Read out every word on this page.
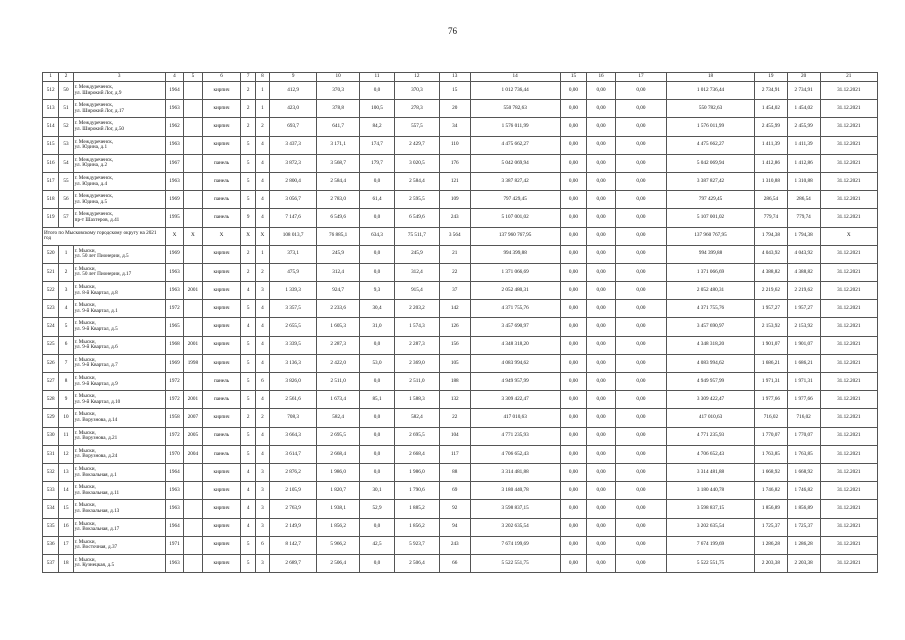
76
1	2	3	4	5	6	7	8	9	10	11	12	13	14	15	16	17	18	19	20	21
512	50	г. Междуреченск,
ул. Широкий Лог, д.9	1964		кирпич	2	1	412,9	370,3	0,0	370,3	15	1 012 736,44	0,00	0,00	0,00	1 012 736,44	2 734,91	2 734,91	31.12.2021
513	51	г. Междуреченск,
ул. Широкий Лог, д.17	1963		кирпич	2	1	423,0	378,8	100,5	278,3	20	550 782,63	0,00	0,00	0,00	550 782,63	1 454,02	1 454,02	31.12.2021
514	52	г. Междуреченск,
ул. Широкий Лог, д.50	1962		кирпич	2	2	693,7	641,7	84,2	557,5	34	1 576 011,99	0,00	0,00	0,00	1 576 011,99	2 455,99	2 455,99	31.12.2021
515	53	г. Междуреченск,
ул. Юдина, д.1	1963		кирпич	5	4	3 437,3	3 171,1	174,7	2 429,7	110	4 475 662,27	0,00	0,00	0,00	4 475 662,27	1 411,39	1 411,39	31.12.2021
516	54	г. Междуреченск,
ул. Юдина, д.2	1967		панель	5	4	3 872,3	3 568,7	179,7	3 020,5	176	5 042 069,94	0,00	0,00	0,00	5 042 069,94	1 412,86	1 412,86	31.12.2021
517	55	г. Междуреченск,
ул. Юдина, д.4	1963		панель	5	4	2 800,4	2 584,4	0,0	2 584,4	121	3 387 827,42	0,00	0,00	0,00	3 387 827,42	1 310,88	1 310,88	31.12.2021
518	56	г. Междуреченск,
ул. Юдина, д.5	1969		панель	5	4	3 056,7	2 783,0	61,4	2 595,5	109	797 429,45	0,00	0,00	0,00	797 429,45	286,54	286,54	31.12.2021
519	57	г. Междуреченск,
пр-т Шахтеров, д.41	1995		панель	9	4	7 147,6	6 549,6	0,0	6 549,6	243	5 107 001,02	0,00	0,00	0,00	5 107 001,02	779,74	779,74	31.12.2021
Итого по Мысковскому городскому округу на 2021 год			X	X	X	X	X	108 013,7	76 885,1	634,3	75 511,7	3 564	137 960 767,95	0,00	0,00	0,00	137 960 767,95	1 794,38	1 794,38	X
520	1	г. Мыски,
ул. 50 лет Пионерии, д.5	1969		кирпич	2	1	373,1	245,9	0,0	245,9	21	994 399,88	0,00	0,00	0,00	994 399,88	4 043,92	4 043,92	31.12.2021
521	2	г. Мыски,
ул. 50 лет Пионерии, д.17	1963		кирпич	2	2	475,9	312,4	0,0	312,4	22	1 371 066,69	0,00	0,00	0,00	1 371 066,69	4 388,82	4 388,82	31.12.2021
522	3	г. Мыски,
ул. 8-й Квартал, д.8	1963	2001	кирпич	4	3	1 339,3	924,7	9,3	915,4	37	2 052 480,31	0,00	0,00	0,00	2 052 480,31	2 219,62	2 219,62	31.12.2021
523	4	г. Мыски,
ул. 9-й Квартал, д.1	1972		кирпич	5	4	3 357,5	2 233,6	30,4	2 203,2	142	4 371 755,76	0,00	0,00	0,00	4 371 755,76	1 957,27	1 957,27	31.12.2021
524	5	г. Мыски,
ул. 9-й Квартал, д.5	1965		кирпич	4	4	2 655,5	1 605,3	31,0	1 574,3	126	3 457 690,97	0,00	0,00	0,00	3 457 690,97	2 153,92	2 153,92	31.12.2021
525	6	г. Мыски,
ул. 9-й Квартал, д.6	1968	2001	кирпич	5	4	3 339,5	2 287,3	0,0	2 287,3	156	4 348 318,20	0,00	0,00	0,00	4 348 318,20	1 901,07	1 901,07	31.12.2021
526	7	г. Мыски,
ул. 9-й Квартал, д.7	1969	1998	кирпич	5	4	3 136,3	2 422,0	53,0	2 369,0	105	4 083 994,62	0,00	0,00	0,00	4 083 994,62	1 686,21	1 686,21	31.12.2021
527	8	г. Мыски,
ул. 9-й Квартал, д.9	1972		панель	5	6	3 826,0	2 511,0	0,0	2 511,0	188	4 949 957,99	0,00	0,00	0,00	4 949 957,99	1 971,31	1 971,31	31.12.2021
528	9	г. Мыски,
ул. 9-й Квартал, д.10	1972	2001	панель	5	4	2 561,6	1 673,4	85,1	1 588,3	132	3 309 422,47	0,00	0,00	0,00	3 309 422,47	1 977,66	1 977,66	31.12.2021
529	10	г. Мыски,
ул. Ворузнова, д.14	1958	2007	кирпич	2	2	708,3	582,4	0,0	582,4	22	417 010,63	0,00	0,00	0,00	417 010,63	716,02	716,02	31.12.2021
530	11	г. Мыски,
ул. Ворузнова, д.21	1972	2005	панель	5	4	3 664,3	2 695,5	0,0	2 695,5	104	4 771 235,93	0,00	0,00	0,00	4 771 235,93	1 770,07	1 770,07	31.12.2021
531	12	г. Мыски,
ул. Ворузнова, д.24	1970	2004	панель	5	4	3 614,7	2 668,4	0,0	2 668,4	117	4 706 652,43	0,00	0,00	0,00	4 706 652,43	1 763,85	1 763,85	31.12.2021
532	13	г. Мыски,
ул. Вокзальная, д.1	1964		кирпич	4	3	2 876,2	1 986,0	0,0	1 986,0	88	3 314 481,88	0,00	0,00	0,00	3 314 481,88	1 668,92	1 668,92	31.12.2021
533	14	г. Мыски,
ул. Вокзальная, д.11	1963		кирпич	4	3	2 105,9	1 820,7	30,1	1 790,6	69	3 180 440,78	0,00	0,00	0,00	3 180 440,78	1 746,82	1 746,82	31.12.2021
534	15	г. Мыски,
ул. Вокзальная, д.13	1963		кирпич	4	3	2 763,9	1 938,1	52,9	1 885,2	92	3 598 837,15	0,00	0,00	0,00	3 598 837,15	1 856,89	1 856,89	31.12.2021
535	16	г. Мыски,
ул. Вокзальная, д.17	1964		кирпич	4	3	2 149,9	1 856,2	0,0	1 856,2	94	3 202 635,54	0,00	0,00	0,00	3 202 635,54	1 725,37	1 725,37	31.12.2021
536	17	г. Мыски,
ул. Восточная, д.37	1971		кирпич	5	6	8 142,7	5 966,2	42,5	5 923,7	243	7 674 199,69	0,00	0,00	0,00	7 674 199,69	1 286,28	1 286,28	31.12.2021
537	18	г. Мыски,
ул. Кузнецкая, д.5	1963		кирпич	5	3	2 689,7	2 506,4	0,0	2 506,4	66	5 522 551,75	0,00	0,00	0,00	5 522 551,75	2 203,38	2 203,38	31.12.2021
